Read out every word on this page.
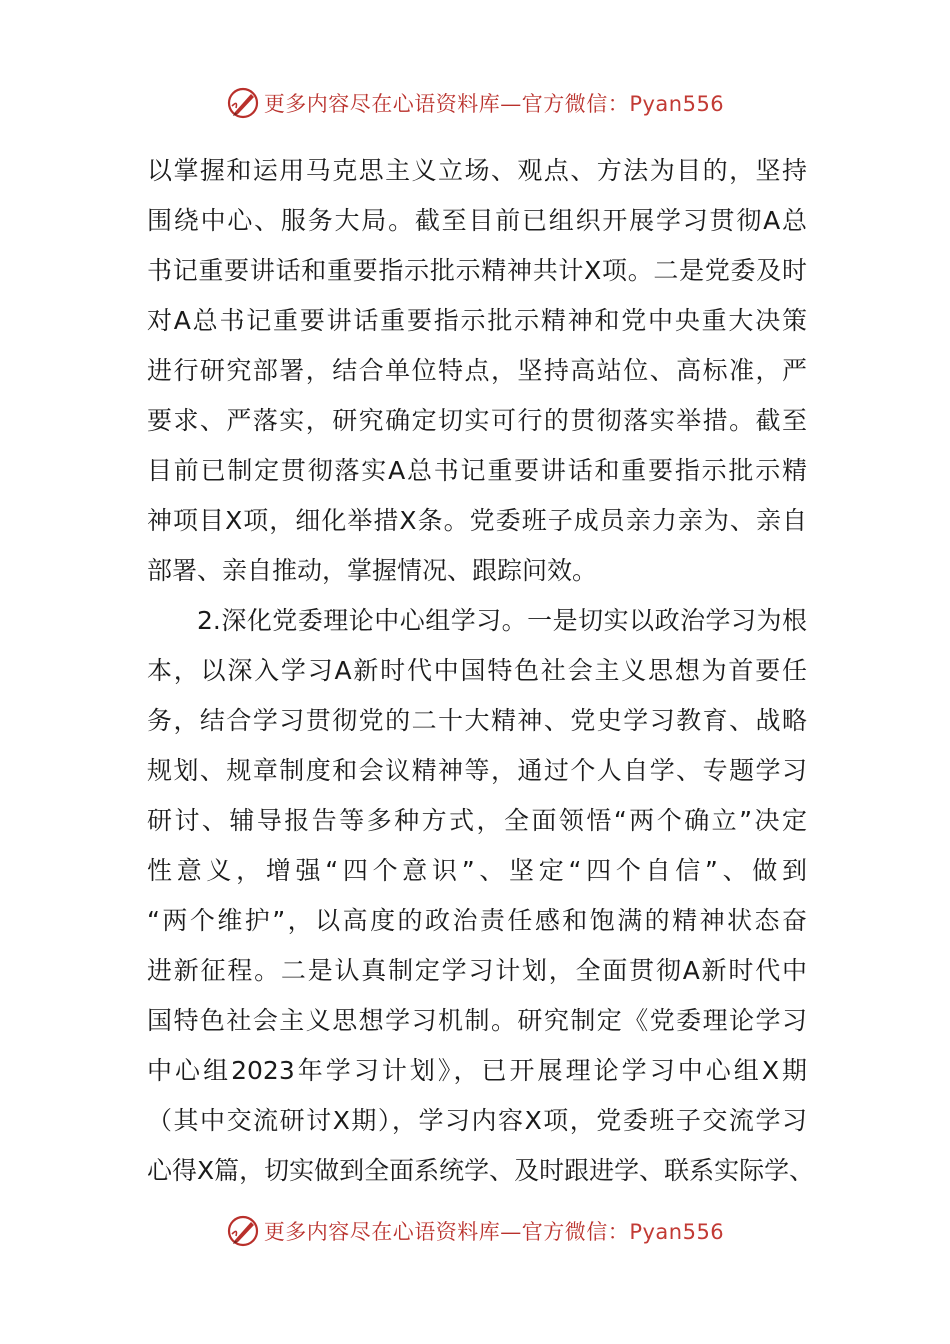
更多内容尽在心语资料库—官方微信：Pyan556
以掌握和运用马克思主义立场、观点、方法为目的，坚持
围绕中心、服务大局。截至目前已组织开展学习贯彻A总
书记重要讲话和重要指示批示精神共计X项。二是党委及时
对A总书记重要讲话重要指示批示精神和党中央重大决策
进行研究部署，结合单位特点，坚持高站位、高标准，严
要求、严落实，研究确定切实可行的贯彻落实举措。截至
目前已制定贯彻落实A总书记重要讲话和重要指示批示精
神项目X项，细化举措X条。党委班子成员亲力亲为、亲自
部署、亲自推动，掌握情况、跟踪问效。
2.深化党委理论中心组学习。一是切实以政治学习为根
本，以深入学习A新时代中国特色社会主义思想为首要任
务，结合学习贯彻党的二十大精神、党史学习教育、战略
规划、规章制度和会议精神等，通过个人自学、专题学习
研讨、辅导报告等多种方式，全面领悟“两个确立”决定
性意义，增强“四个意识”、坚定“四个自信”、做到
“两个维护”，以高度的政治责任感和饱满的精神状态奋
进新征程。二是认真制定学习计划，全面贯彻A新时代中
国特色社会主义思想学习机制。研究制定《党委理论学习
中心组2023年学习计划》，已开展理论学习中心组X期
（其中交流研讨X期），学习内容X项，党委班子交流学习
心得X篇，切实做到全面系统学、及时跟进学、联系实际学、
更多内容尽在心语资料库—官方微信：Pyan556
